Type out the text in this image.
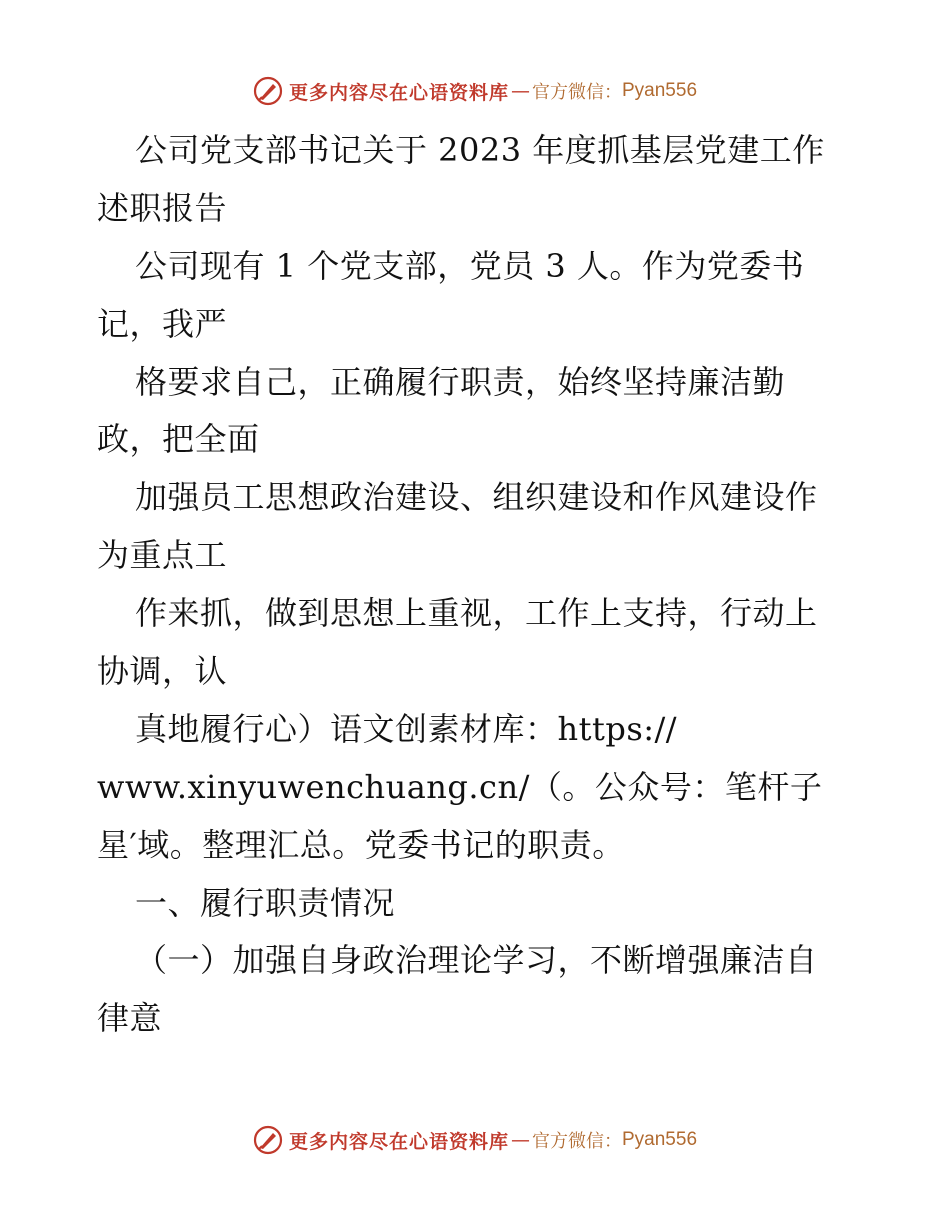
更多内容尽在心语资料库 — 官方微信： Pyan556
公司党支部书记关于 2023 年度抓基层党建工作
述职报告
公司现有 1 个党支部，党员 3 人。作为党委书
记，我严
格要求自己，正确履行职责，始终坚持廉洁勤
政，把全面
加强员工思想政治建设、组织建设和作风建设作
为重点工
作来抓，做到思想上重视，工作上支持，行动上
协调，认
真地履行心）语文创素材库：https://
www.xinyuwenchuang.cn/（。公众号：笔杆子
星′域。整理汇总。党委书记的职责。
一、履行职责情况
（一）加强自身政治理论学习，不断增强廉洁自
律意
更多内容尽在心语资料库 — 官方微信： Pyan556
